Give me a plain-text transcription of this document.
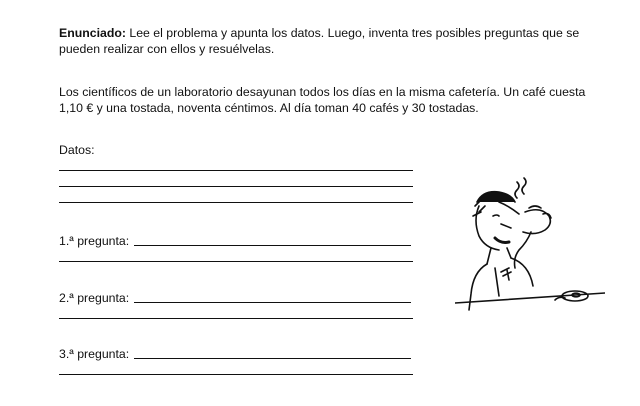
Enunciado: Lee el problema y apunta los datos. Luego, inventa tres posibles preguntas que se pueden realizar con ellos y resuélvelas.
Los científicos de un laboratorio desayunan todos los días en la misma cafetería. Un café cuesta 1,10 € y una tostada, noventa céntimos. Al día toman 40 cafés y 30 tostadas.
Datos:
1.ª pregunta:
2.ª pregunta:
3.ª pregunta:
